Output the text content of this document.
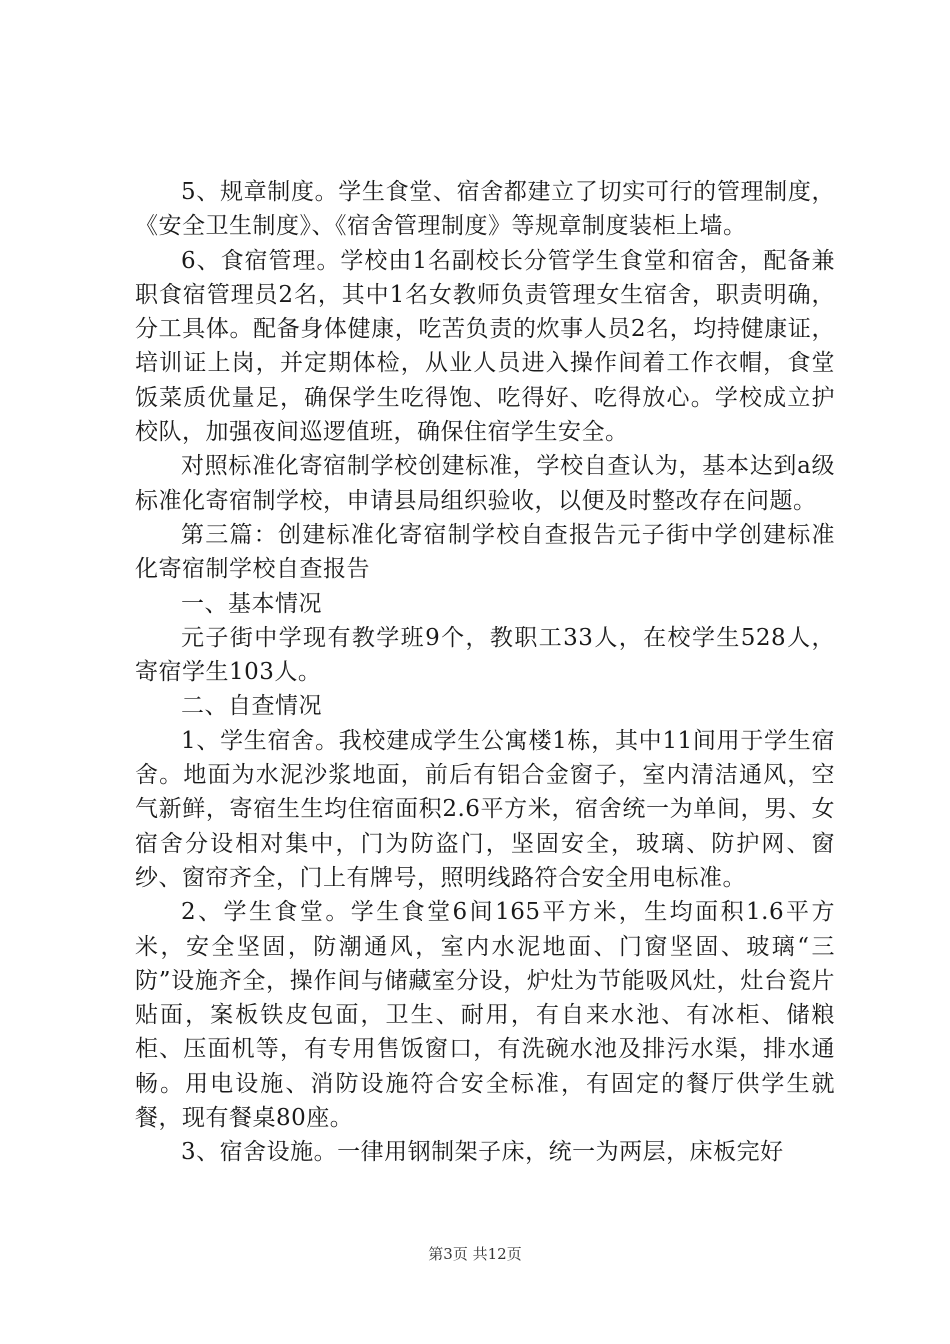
5、规章制度。学生食堂、宿舍都建立了切实可行的管理制度，《安全卫生制度》、《宿舍管理制度》等规章制度装柜上墙。

6、食宿管理。学校由1名副校长分管学生食堂和宿舍，配备兼职食宿管理员2名，其中1名女教师负责管理女生宿舍，职责明确，分工具体。配备身体健康，吃苦负责的炊事人员2名，均持健康证，培训证上岗，并定期体检，从业人员进入操作间着工作衣帽，食堂饭菜质优量足，确保学生吃得饱、吃得好、吃得放心。学校成立护校队，加强夜间巡逻值班，确保住宿学生安全。

对照标准化寄宿制学校创建标准，学校自查认为，基本达到a级标准化寄宿制学校，申请县局组织验收，以便及时整改存在问题。

第三篇：创建标准化寄宿制学校自查报告元子街中学创建标准化寄宿制学校自查报告

一、基本情况

元子街中学现有教学班9个，教职工33人，在校学生528人，寄宿学生103人。

二、自查情况

1、学生宿舍。我校建成学生公寓楼1栋，其中11间用于学生宿舍。地面为水泥沙浆地面，前后有铝合金窗子，室内清洁通风，空气新鲜，寄宿生生均住宿面积2.6平方米，宿舍统一为单间，男、女宿舍分设相对集中，门为防盗门，坚固安全，玻璃、防护网、窗纱、窗帘齐全，门上有牌号，照明线路符合安全用电标准。

2、学生食堂。学生食堂6间165平方米，生均面积1.6平方米，安全坚固，防潮通风，室内水泥地面、门窗坚固、玻璃“三防”设施齐全，操作间与储藏室分设，炉灶为节能吸风灶，灶台瓷片贴面，案板铁皮包面，卫生、耐用，有自来水池、有冰柜、储粮柜、压面机等，有专用售饭窗口，有洗碗水池及排污水渠，排水通畅。用电设施、消防设施符合安全标准，有固定的餐厅供学生就餐，现有餐桌80座。

3、宿舍设施。一律用钢制架子床，统一为两层，床板完好

第3页 共12页
